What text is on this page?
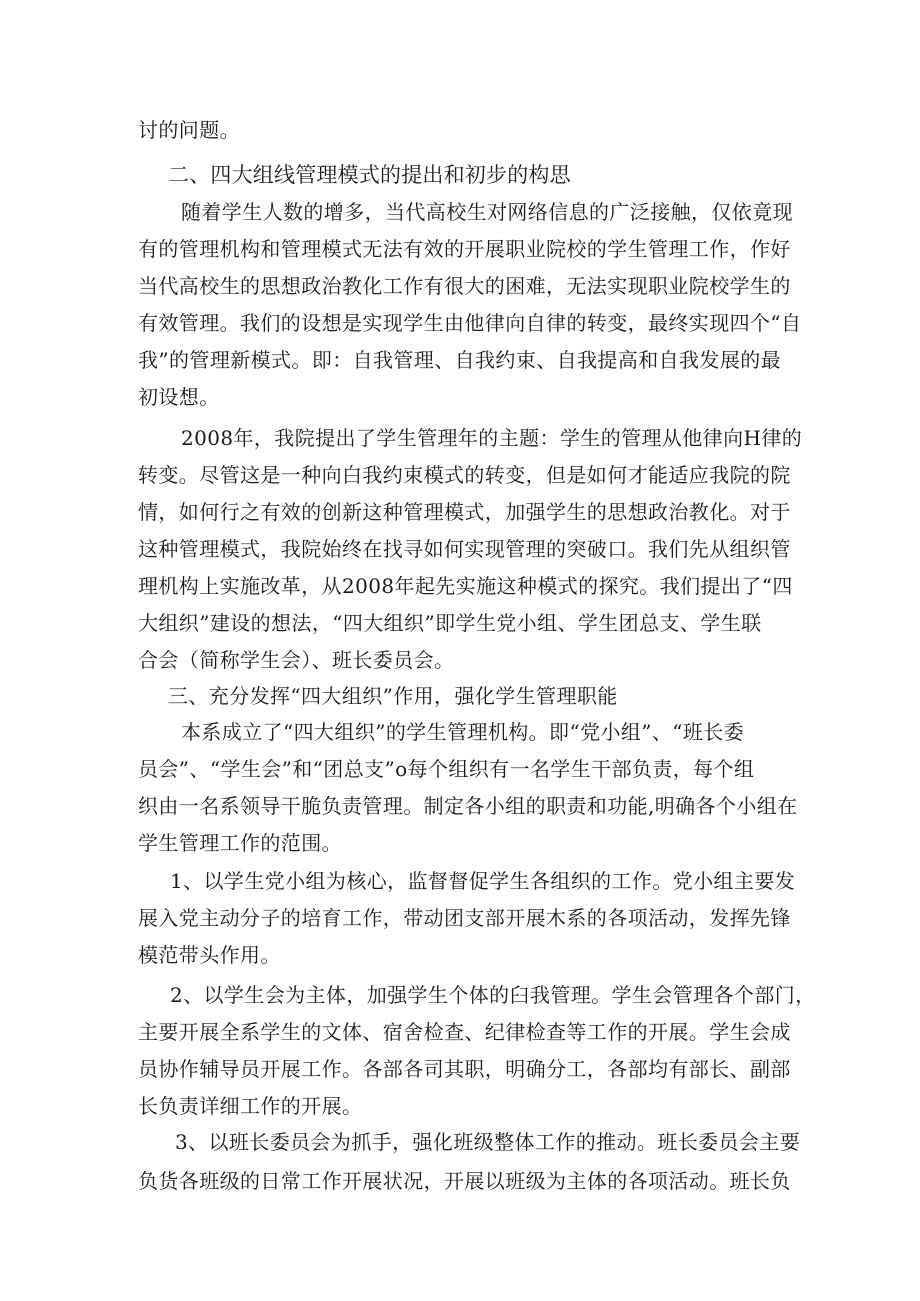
讨的问题。
二、四大组线管理模式的提出和初步的构思
随着学生人数的增多，当代高校生对网络信息的广泛接触，仅依竟现
有的管理机构和管理模式无法有效的开展职业院校的学生管理工作，作好
当代高校生的思想政治教化工作有很大的困难，无法实现职业院校学生的
有效管理。我们的设想是实现学生由他律向自律的转变，最终实现四个“自
我”的管理新模式。即：自我管理、自我约束、自我提高和自我发展的最
初设想。
2008年，我院提出了学生管理年的主题：学生的管理从他律向H律的
转变。尽管这是一种向白我约束模式的转变，但是如何才能适应我院的院
情，如何行之有效的创新这种管理模式，加强学生的思想政治教化。对于
这种管理模式，我院始终在找寻如何实现管理的突破口。我们先从组织管
理机构上实施改革，从2008年起先实施这种模式的探究。我们提出了“四
大组织”建设的想法，“四大组织”即学生党小组、学生团总支、学生联
合会（简称学生会）、班长委员会。
三、充分发挥“四大组织”作用，强化学生管理职能
本系成立了“四大组织”的学生管理机构。即“党小组”、“班长委
员会”、“学生会”和“团总支”o每个组织有一名学生干部负责，每个组
织由一名系领导干脆负责管理。制定各小组的职责和功能,明确各个小组在
学生管理工作的范围。
1、以学生党小组为核心，监督督促学生各组织的工作。党小组主要发
展入党主动分子的培育工作，带动团支部开展木系的各项活动，发挥先锋
模范带头作用。
2、以学生会为主体，加强学生个体的臼我管理。学生会管理各个部门，
主要开展全系学生的文体、宿舍检查、纪律检查等工作的开展。学生会成
员协作辅导员开展工作。各部各司其职，明确分工，各部均有部长、副部
长负责详细工作的开展。
3、以班长委员会为抓手，强化班级整体工作的推动。班长委员会主要
负货各班级的日常工作开展状况，开展以班级为主体的各项活动。班长负
